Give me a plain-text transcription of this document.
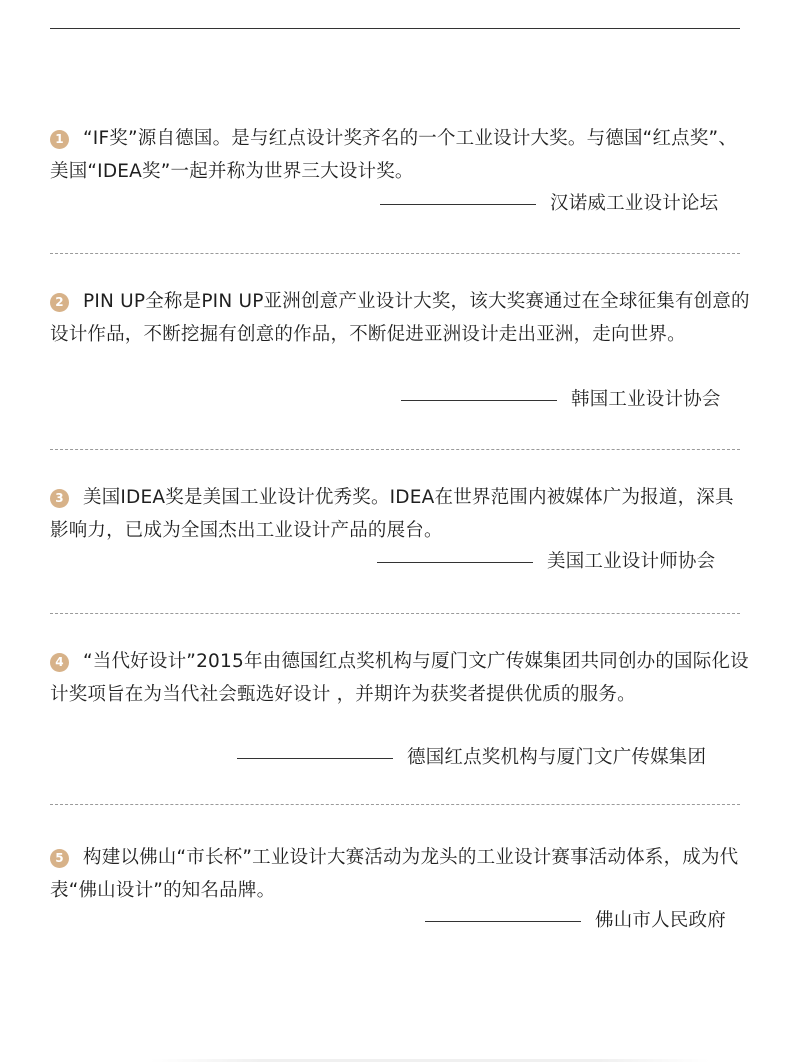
1 “IF奖”源自德国。是与红点设计奖齐名的一个工业设计大奖。与德国“红点奖”、美国“IDEA奖”一起并称为世界三大设计奖。

汉诺威工业设计论坛

2 PIN UP全称是PIN UP亚洲创意产业设计大奖，该大奖赛通过在全球征集有创意的设计作品，不断挖掘有创意的作品，不断促进亚洲设计走出亚洲，走向世界。

韩国工业设计协会

3 美国IDEA奖是美国工业设计优秀奖。IDEA在世界范围内被媒体广为报道，深具影响力，已成为全国杰出工业设计产品的展台。

美国工业设计师协会

4 “当代好设计”2015年由德国红点奖机构与厦门文广传媒集团共同创办的国际化设计奖项旨在为当代社会甄选好设计 ，并期许为获奖者提供优质的服务。

德国红点奖机构与厦门文广传媒集团

5 构建以佛山“市长杯”工业设计大赛活动为龙头的工业设计赛事活动体系，成为代表“佛山设计”的知名品牌。

佛山市人民政府
